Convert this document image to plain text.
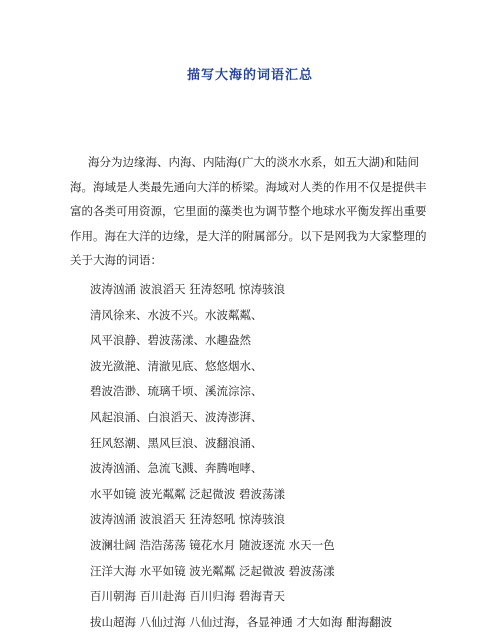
描写大海的词语汇总

海分为边缘海、内海、内陆海(广大的淡水水系，如五大湖)和陆间海。海域是人类最先通向大洋的桥梁。海域对人类的作用不仅是提供丰富的各类可用资源，它里面的藻类也为调节整个地球水平衡发挥出重要作用。海在大洋的边缘，是大洋的附属部分。以下是网我为大家整理的关于大海的词语：

波涛汹涌 波浪滔天 狂涛怒吼 惊涛骇浪
清风徐来、水波不兴。水波粼粼、
风平浪静、碧波荡漾、水趣盎然
波光潋滟、清澈见底、悠悠烟水、
碧波浩渺、琉璃千顷、溪流淙淙、
风起浪涌、白浪滔天、波涛澎湃、
狂风怒潮、黑风巨浪、波翻浪涌、
波涛汹涌、急流飞溅、奔腾咆哮、
水平如镜 波光粼粼 泛起微波 碧波荡漾
波涛汹涌 波浪滔天 狂涛怒吼 惊涛骇浪
波澜壮阔 浩浩荡荡 镜花水月 随波逐流 水天一色
汪洋大海 水平如镜 波光粼粼 泛起微波 碧波荡漾
百川朝海 百川赴海 百川归海 碧海青天
拔山超海 八仙过海 八仙过海，各显神通 才大如海 酣海翻波
